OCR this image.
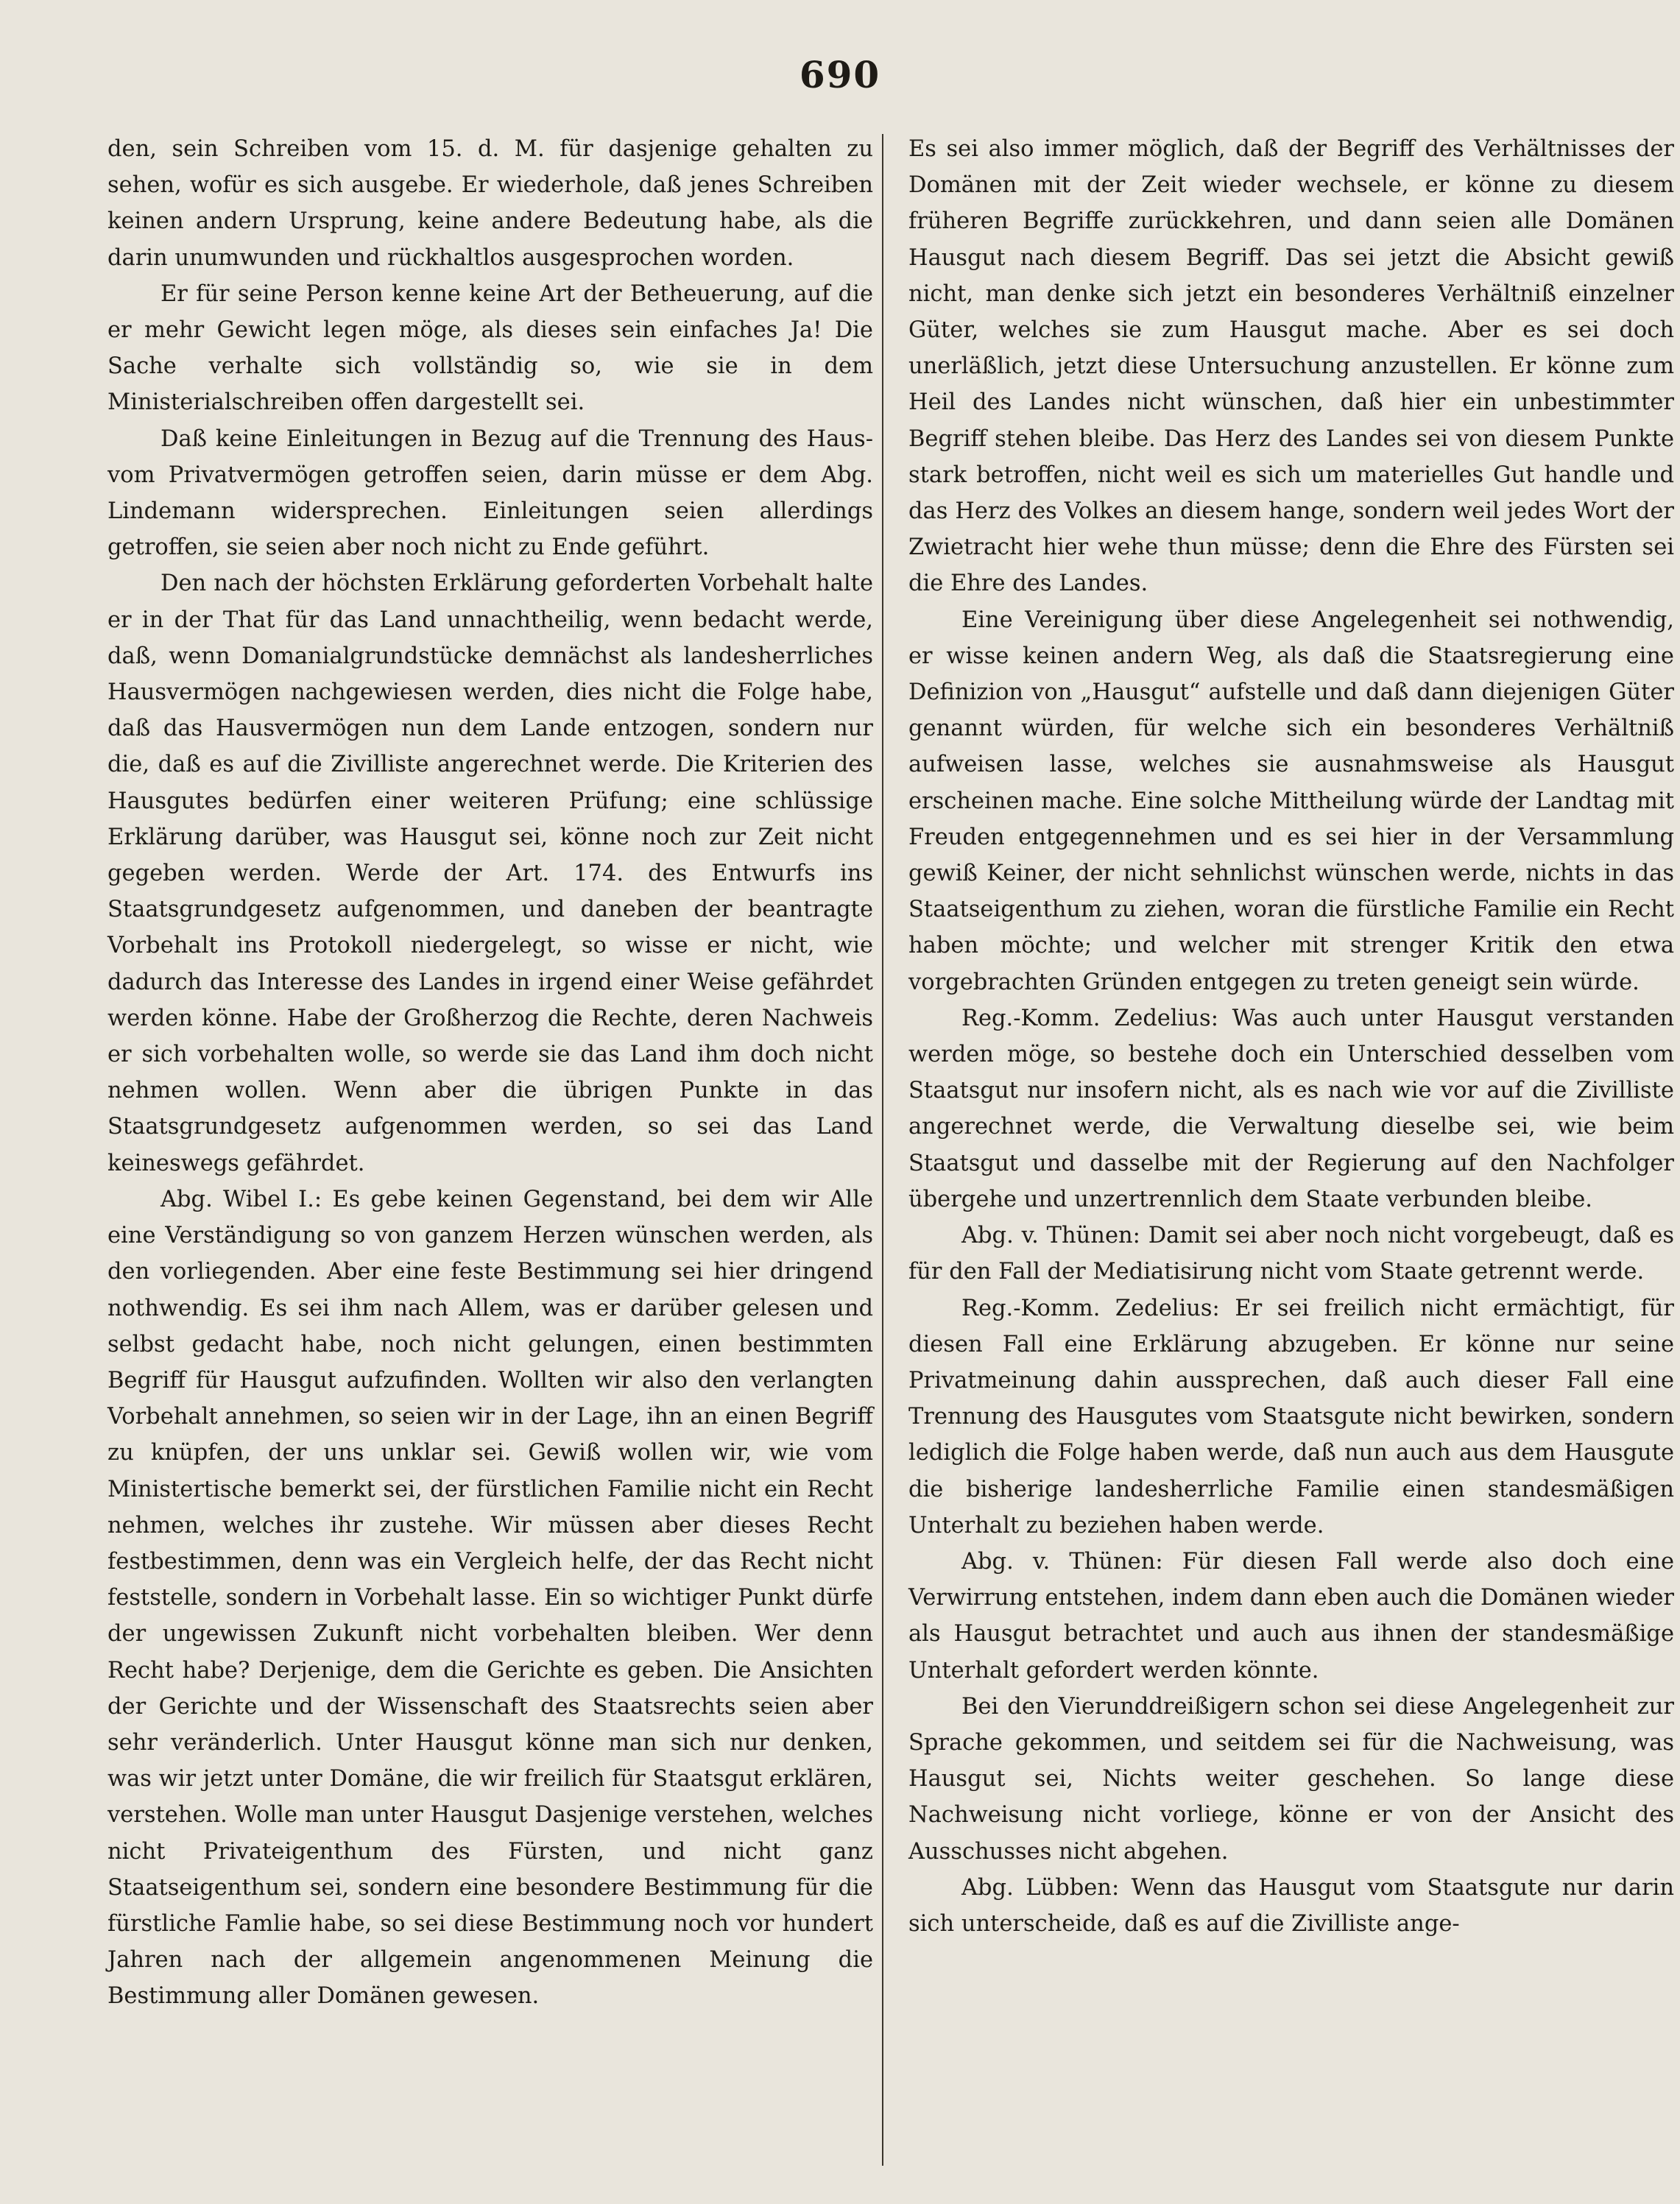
690

den, sein Schreiben vom 15. d. M. für dasjenige gehalten zu sehen, wofür es sich ausgebe. Er wiederhole, daß jenes Schreiben keinen andern Ursprung, keine andere Bedeutung habe, als die darin unumwunden und rückhaltlos ausgesprochen worden.

Er für seine Person kenne keine Art der Betheuerung, auf die er mehr Gewicht legen möge, als dieses sein einfaches Ja! Die Sache verhalte sich vollständig so, wie sie in dem Ministerialschreiben offen dargestellt sei.

Daß keine Einleitungen in Bezug auf die Trennung des Haus- vom Privatvermögen getroffen seien, darin müsse er dem Abg. Lindemann widersprechen. Einleitungen seien allerdings getroffen, sie seien aber noch nicht zu Ende geführt.

Den nach der höchsten Erklärung geforderten Vorbehalt halte er in der That für das Land unnachtheilig, wenn bedacht werde, daß, wenn Domanialgrundstücke demnächst als landesherrliches Hausvermögen nachgewiesen werden, dies nicht die Folge habe, daß das Hausvermögen nun dem Lande entzogen, sondern nur die, daß es auf die Zivilliste angerechnet werde. Die Kriterien des Hausgutes bedürfen einer weiteren Prüfung; eine schlüssige Erklärung darüber, was Hausgut sei, könne noch zur Zeit nicht gegeben werden. Werde der Art. 174. des Entwurfs ins Staatsgrundgesetz aufgenommen, und daneben der beantragte Vorbehalt ins Protokoll niedergelegt, so wisse er nicht, wie dadurch das Interesse des Landes in irgend einer Weise gefährdet werden könne. Habe der Großherzog die Rechte, deren Nachweis er sich vorbehalten wolle, so werde sie das Land ihm doch nicht nehmen wollen. Wenn aber die übrigen Punkte in das Staatsgrundgesetz aufgenommen werden, so sei das Land keineswegs gefährdet.

Abg. Wibel I.: Es gebe keinen Gegenstand, bei dem wir Alle eine Verständigung so von ganzem Herzen wünschen werden, als den vorliegenden. Aber eine feste Bestimmung sei hier dringend nothwendig. Es sei ihm nach Allem, was er darüber gelesen und selbst gedacht habe, noch nicht gelungen, einen bestimmten Begriff für Hausgut aufzufinden. Wollten wir also den verlangten Vorbehalt annehmen, so seien wir in der Lage, ihn an einen Begriff zu knüpfen, der uns unklar sei. Gewiß wollen wir, wie vom Ministertische bemerkt sei, der fürstlichen Familie nicht ein Recht nehmen, welches ihr zustehe. Wir müssen aber dieses Recht festbestimmen, denn was ein Vergleich helfe, der das Recht nicht feststelle, sondern in Vorbehalt lasse. Ein so wichtiger Punkt dürfe der ungewissen Zukunft nicht vorbehalten bleiben. Wer denn Recht habe? Derjenige, dem die Gerichte es geben. Die Ansichten der Gerichte und der Wissenschaft des Staatsrechts seien aber sehr veränderlich. Unter Hausgut könne man sich nur denken, was wir jetzt unter Domäne, die wir freilich für Staatsgut erklären, verstehen. Wolle man unter Hausgut Dasjenige verstehen, welches nicht Privateigenthum des Fürsten, und nicht ganz Staatseigenthum sei, sondern eine besondere Bestimmung für die fürstliche Famlie habe, so sei diese Bestimmung noch vor hundert Jahren nach der allgemein angenommenen Meinung die Bestimmung aller Domänen gewesen.

Es sei also immer möglich, daß der Begriff des Verhältnisses der Domänen mit der Zeit wieder wechsele, er könne zu diesem früheren Begriffe zurückkehren, und dann seien alle Domänen Hausgut nach diesem Begriff. Das sei jetzt die Absicht gewiß nicht, man denke sich jetzt ein besonderes Verhältniß einzelner Güter, welches sie zum Hausgut mache. Aber es sei doch unerläßlich, jetzt diese Untersuchung anzustellen. Er könne zum Heil des Landes nicht wünschen, daß hier ein unbestimmter Begriff stehen bleibe. Das Herz des Landes sei von diesem Punkte stark betroffen, nicht weil es sich um materielles Gut handle und das Herz des Volkes an diesem hange, sondern weil jedes Wort der Zwietracht hier wehe thun müsse; denn die Ehre des Fürsten sei die Ehre des Landes.

Eine Vereinigung über diese Angelegenheit sei nothwendig, er wisse keinen andern Weg, als daß die Staatsregierung eine Definizion von „Hausgut“ aufstelle und daß dann diejenigen Güter genannt würden, für welche sich ein besonderes Verhältniß aufweisen lasse, welches sie ausnahmsweise als Hausgut erscheinen mache. Eine solche Mittheilung würde der Landtag mit Freuden entgegennehmen und es sei hier in der Versammlung gewiß Keiner, der nicht sehnlichst wünschen werde, nichts in das Staatseigenthum zu ziehen, woran die fürstliche Familie ein Recht haben möchte; und welcher mit strenger Kritik den etwa vorgebrachten Gründen entgegen zu treten geneigt sein würde.

Reg.-Komm. Zedelius: Was auch unter Hausgut verstanden werden möge, so bestehe doch ein Unterschied desselben vom Staatsgut nur insofern nicht, als es nach wie vor auf die Zivilliste angerechnet werde, die Verwaltung dieselbe sei, wie beim Staatsgut und dasselbe mit der Regierung auf den Nachfolger übergehe und unzertrennlich dem Staate verbunden bleibe.

Abg. v. Thünen: Damit sei aber noch nicht vorgebeugt, daß es für den Fall der Mediatisirung nicht vom Staate getrennt werde.

Reg.-Komm. Zedelius: Er sei freilich nicht ermächtigt, für diesen Fall eine Erklärung abzugeben. Er könne nur seine Privatmeinung dahin aussprechen, daß auch dieser Fall eine Trennung des Hausgutes vom Staatsgute nicht bewirken, sondern lediglich die Folge haben werde, daß nun auch aus dem Hausgute die bisherige landesherrliche Familie einen standesmäßigen Unterhalt zu beziehen haben werde.

Abg. v. Thünen: Für diesen Fall werde also doch eine Verwirrung entstehen, indem dann eben auch die Domänen wieder als Hausgut betrachtet und auch aus ihnen der standesmäßige Unterhalt gefordert werden könnte.

Bei den Vierunddreißigern schon sei diese Angelegenheit zur Sprache gekommen, und seitdem sei für die Nachweisung, was Hausgut sei, Nichts weiter geschehen. So lange diese Nachweisung nicht vorliege, könne er von der Ansicht des Ausschusses nicht abgehen.

Abg. Lübben: Wenn das Hausgut vom Staatsgute nur darin sich unterscheide, daß es auf die Zivilliste ange-
